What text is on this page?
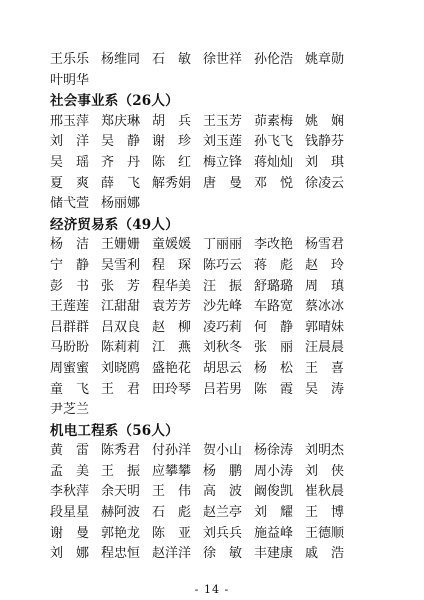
王乐乐 杨维同 石 敏 徐世祥 孙伦浩 姚章勋
叶明华
社会事业系（26人）
邢玉萍 郑庆琳 胡 兵 王玉芳 茆素梅 姚 娴
刘 洋 吴 静 谢 珍 刘玉莲 孙飞飞 钱静芬
吴 瑶 齐 丹 陈 红 梅立锋 蒋灿灿 刘 琪
夏 爽 薛 飞 解秀娟 唐 曼 邓 悦 徐凌云
储弋萱 杨丽娜
经济贸易系（49人）
杨 洁 王姗姗 童媛媛 丁丽丽 李改艳 杨雪君
宁 静 吴雪利 程 琛 陈巧云 蒋 彪 赵 玲
彭 书 张 芳 程华美 汪 振 舒璐璐 周 瑱
王莲莲 江甜甜 袁芳芳 沙先峰 车路宽 蔡冰冰
吕群群 吕双良 赵 柳 凌巧莉 何 静 郭晴妹
马盼盼 陈莉莉 江 燕 刘秋冬 张 丽 汪晨晨
周蜜蜜 刘晓鸥 盛艳花 胡思云 杨 松 王 喜
童 飞 王 君 田玲琴 吕若男 陈 霞 吴 涛
尹芝兰
机电工程系（56人）
黄 雷 陈秀君 付孙洋 贺小山 杨徐涛 刘明杰
孟 美 王 振 应攀攀 杨 鹏 周小涛 刘 侠
李秋萍 余天明 王 伟 高 波 阚俊凯 崔秋晨
段星星 赫阿波 石 彪 赵兰亭 刘 耀 王 博
谢 曼 郭艳龙 陈 亚 刘兵兵 施益峰 王德顺
刘 娜 程忠恒 赵洋洋 徐 敏 丰建康 戚 浩
- 14 -
